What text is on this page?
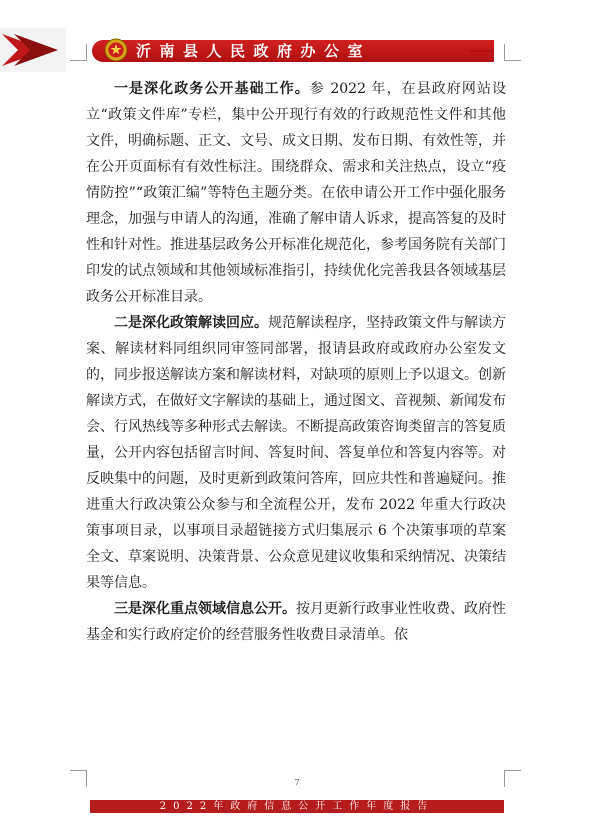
沂南县人民政府办公室

一是深化政务公开基础工作。参 2022 年，在县政府网站设立“政策文件库”专栏，集中公开现行有效的行政规范性文件和其他文件，明确标题、正文、文号、成文日期、发布日期、有效性等，并在公开页面标有有效性标注。围绕群众、需求和关注热点，设立“疫情防控”“政策汇编”等特色主题分类。在依申请公开工作中强化服务理念，加强与申请人的沟通，准确了解申请人诉求，提高答复的及时性和针对性。推进基层政务公开标准化规范化，参考国务院有关部门印发的试点领域和其他领域标准指引，持续优化完善我县各领域基层政务公开标准目录。

二是深化政策解读回应。规范解读程序，坚持政策文件与解读方案、解读材料同组织同审签同部署，报请县政府或政府办公室发文的，同步报送解读方案和解读材料，对缺项的原则上予以退文。创新解读方式，在做好文字解读的基础上，通过图文、音视频、新闻发布会、行风热线等多种形式去解读。不断提高政策咨询类留言的答复质量，公开内容包括留言时间、答复时间、答复单位和答复内容等。对反映集中的问题，及时更新到政策问答库，回应共性和普遍疑问。推进重大行政决策公众参与和全流程公开，发布 2022 年重大行政决策事项目录，以事项目录超链接方式归集展示 6 个决策事项的草案全文、草案说明、决策背景、公众意见建议收集和采纳情况、决策结果等信息。

三是深化重点领域信息公开。按月更新行政事业性收费、政府性基金和实行政府定价的经营服务性收费目录清单。依

7
2022年政府信息公开工作年度报告
